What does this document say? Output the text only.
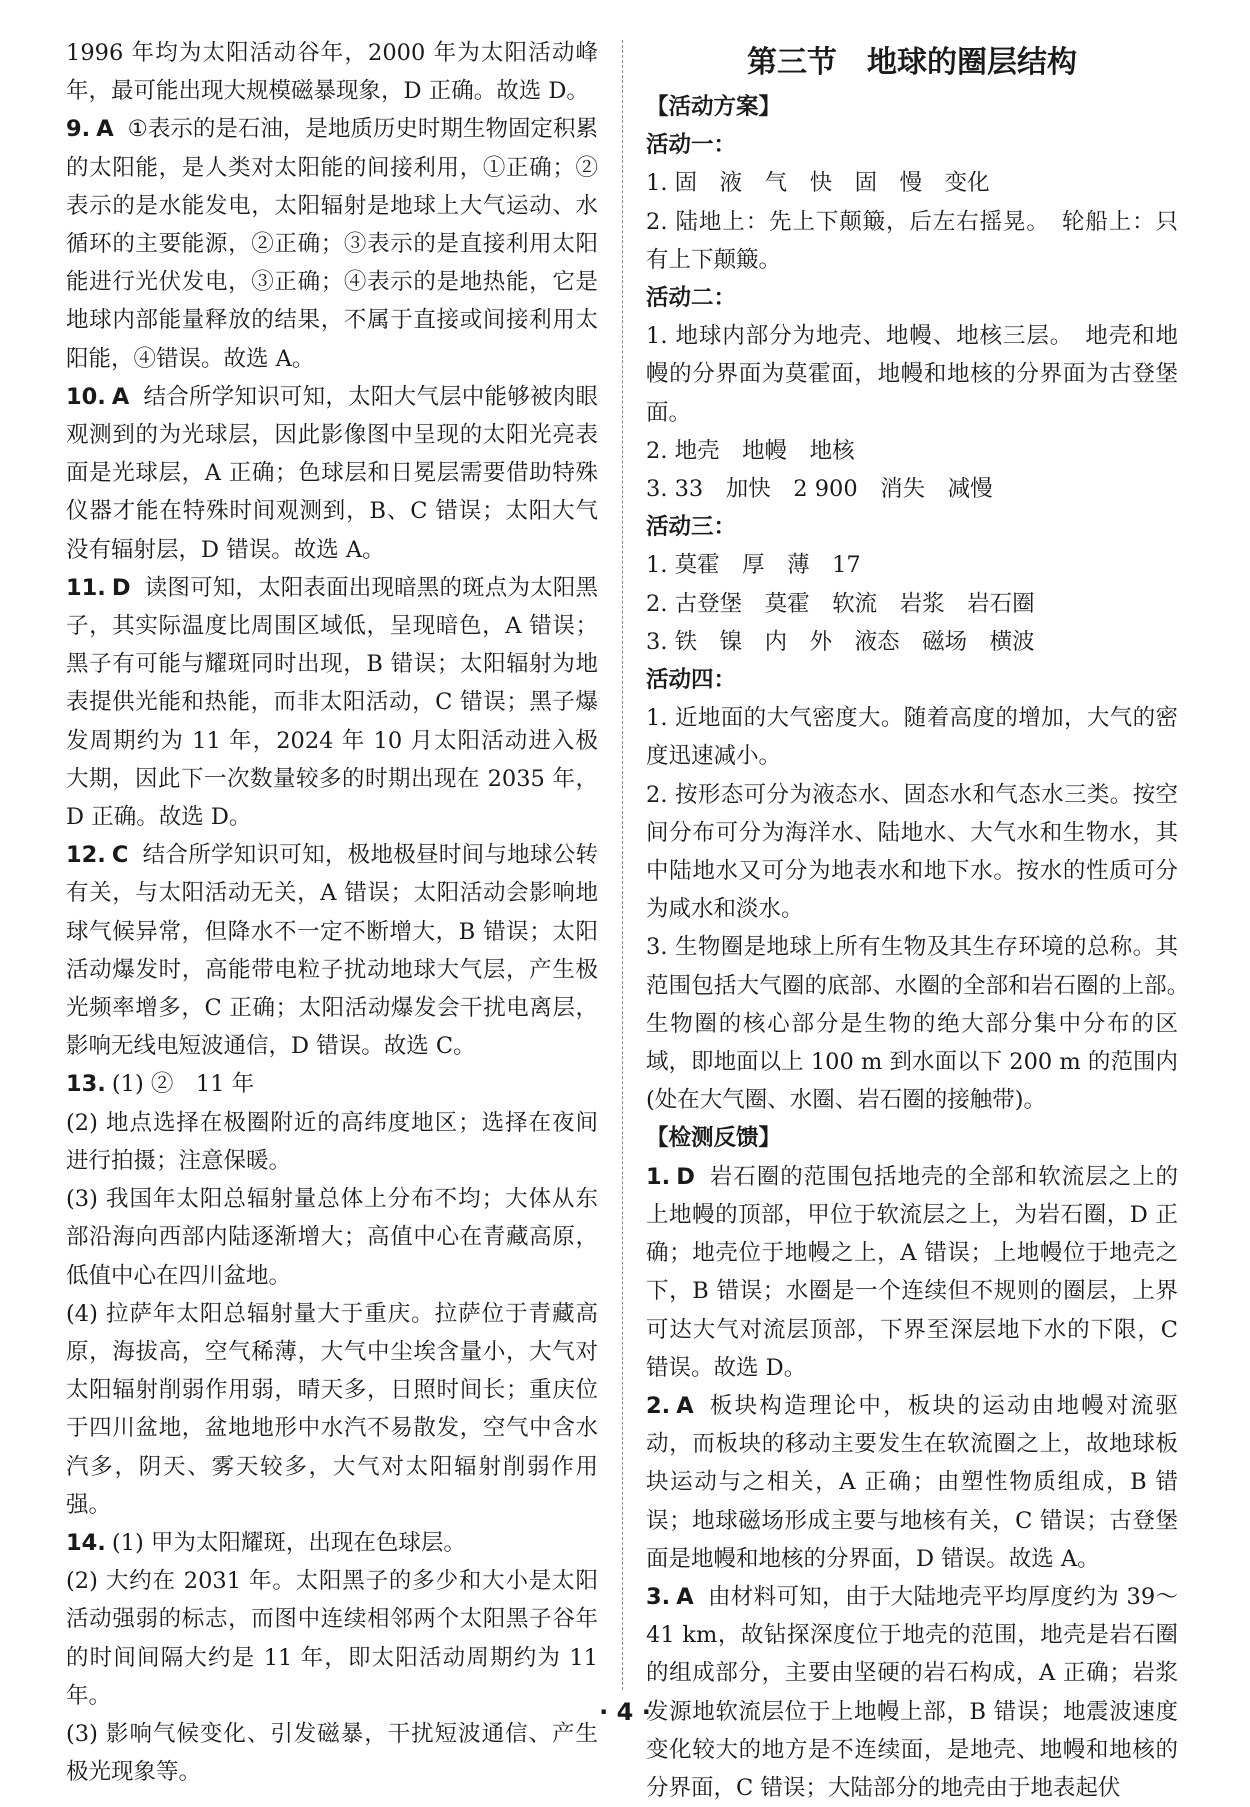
1996 年均为太阳活动谷年，2000 年为太阳活动峰年，最可能出现大规模磁暴现象，D 正确。故选 D。

9. A ①表示的是石油，是地质历史时期生物固定积累的太阳能，是人类对太阳能的间接利用，①正确；②表示的是水能发电，太阳辐射是地球上大气运动、水循环的主要能源，②正确；③表示的是直接利用太阳能进行光伏发电，③正确；④表示的是地热能，它是地球内部能量释放的结果，不属于直接或间接利用太阳能，④错误。故选 A。

10. A 结合所学知识可知，太阳大气层中能够被肉眼观测到的为光球层，因此影像图中呈现的太阳光亮表面是光球层，A 正确；色球层和日冕层需要借助特殊仪器才能在特殊时间观测到，B、C 错误；太阳大气没有辐射层，D 错误。故选 A。

11. D 读图可知，太阳表面出现暗黑的斑点为太阳黑子，其实际温度比周围区域低，呈现暗色，A 错误；黑子有可能与耀斑同时出现，B 错误；太阳辐射为地表提供光能和热能，而非太阳活动，C 错误；黑子爆发周期约为 11 年，2024 年 10 月太阳活动进入极大期，因此下一次数量较多的时期出现在 2035 年，D 正确。故选 D。

12. C 结合所学知识可知，极地极昼时间与地球公转有关，与太阳活动无关，A 错误；太阳活动会影响地球气候异常，但降水不一定不断增大，B 错误；太阳活动爆发时，高能带电粒子扰动地球大气层，产生极光频率增多，C 正确；太阳活动爆发会干扰电离层，影响无线电短波通信，D 错误。故选 C。

13. (1) ②　11 年

(2) 地点选择在极圈附近的高纬度地区；选择在夜间进行拍摄；注意保暖。

(3) 我国年太阳总辐射量总体上分布不均；大体从东部沿海向西部内陆逐渐增大；高值中心在青藏高原，低值中心在四川盆地。

(4) 拉萨年太阳总辐射量大于重庆。拉萨位于青藏高原，海拔高，空气稀薄，大气中尘埃含量小，大气对太阳辐射削弱作用弱，晴天多，日照时间长；重庆位于四川盆地，盆地地形中水汽不易散发，空气中含水汽多，阴天、雾天较多，大气对太阳辐射削弱作用强。

14. (1) 甲为太阳耀斑，出现在色球层。

(2) 大约在 2031 年。太阳黑子的多少和大小是太阳活动强弱的标志，而图中连续相邻两个太阳黑子谷年的时间间隔大约是 11 年，即太阳活动周期约为 11 年。

(3) 影响气候变化、引发磁暴，干扰短波通信、产生极光现象等。

第三节　地球的圈层结构
【活动方案】
活动一：

1. 固　液　气　快　固　慢　变化

2. 陆地上：先上下颠簸，后左右摇晃。　轮船上：只有上下颠簸。

活动二：

1. 地球内部分为地壳、地幔、地核三层。　地壳和地幔的分界面为莫霍面，地幔和地核的分界面为古登堡面。

2. 地壳　地幔　地核

3. 33　加快　2 900　消失　减慢

活动三：

1. 莫霍　厚　薄　17

2. 古登堡　莫霍　软流　岩浆　岩石圈

3. 铁　镍　内　外　液态　磁场　横波

活动四：

1. 近地面的大气密度大。随着高度的增加，大气的密度迅速减小。

2. 按形态可分为液态水、固态水和气态水三类。按空间分布可分为海洋水、陆地水、大气水和生物水，其中陆地水又可分为地表水和地下水。按水的性质可分为咸水和淡水。

3. 生物圈是地球上所有生物及其生存环境的总称。其范围包括大气圈的底部、水圈的全部和岩石圈的上部。　生物圈的核心部分是生物的绝大部分集中分布的区域，即地面以上 100 m 到水面以下 200 m 的范围内(处在大气圈、水圈、岩石圈的接触带)。

【检测反馈】

1. D 岩石圈的范围包括地壳的全部和软流层之上的上地幔的顶部，甲位于软流层之上，为岩石圈，D 正确；地壳位于地幔之上，A 错误；上地幔位于地壳之下，B 错误；水圈是一个连续但不规则的圈层，上界可达大气对流层顶部，下界至深层地下水的下限，C 错误。故选 D。

2. A 板块构造理论中，板块的运动由地幔对流驱动，而板块的移动主要发生在软流圈之上，故地球板块运动与之相关，A 正确；由塑性物质组成，B 错误；地球磁场形成主要与地核有关，C 错误；古登堡面是地幔和地核的分界面，D 错误。故选 A。

3. A 由材料可知，由于大陆地壳平均厚度约为 39～41 km，故钻探深度位于地壳的范围，地壳是岩石圈的组成部分，主要由坚硬的岩石构成，A 正确；岩浆发源地软流层位于上地幔上部，B 错误；地震波速度变化较大的地方是不连续面，是地壳、地幔和地核的分界面，C 错误；大陆部分的地壳由于地表起伏

· 4 ·
